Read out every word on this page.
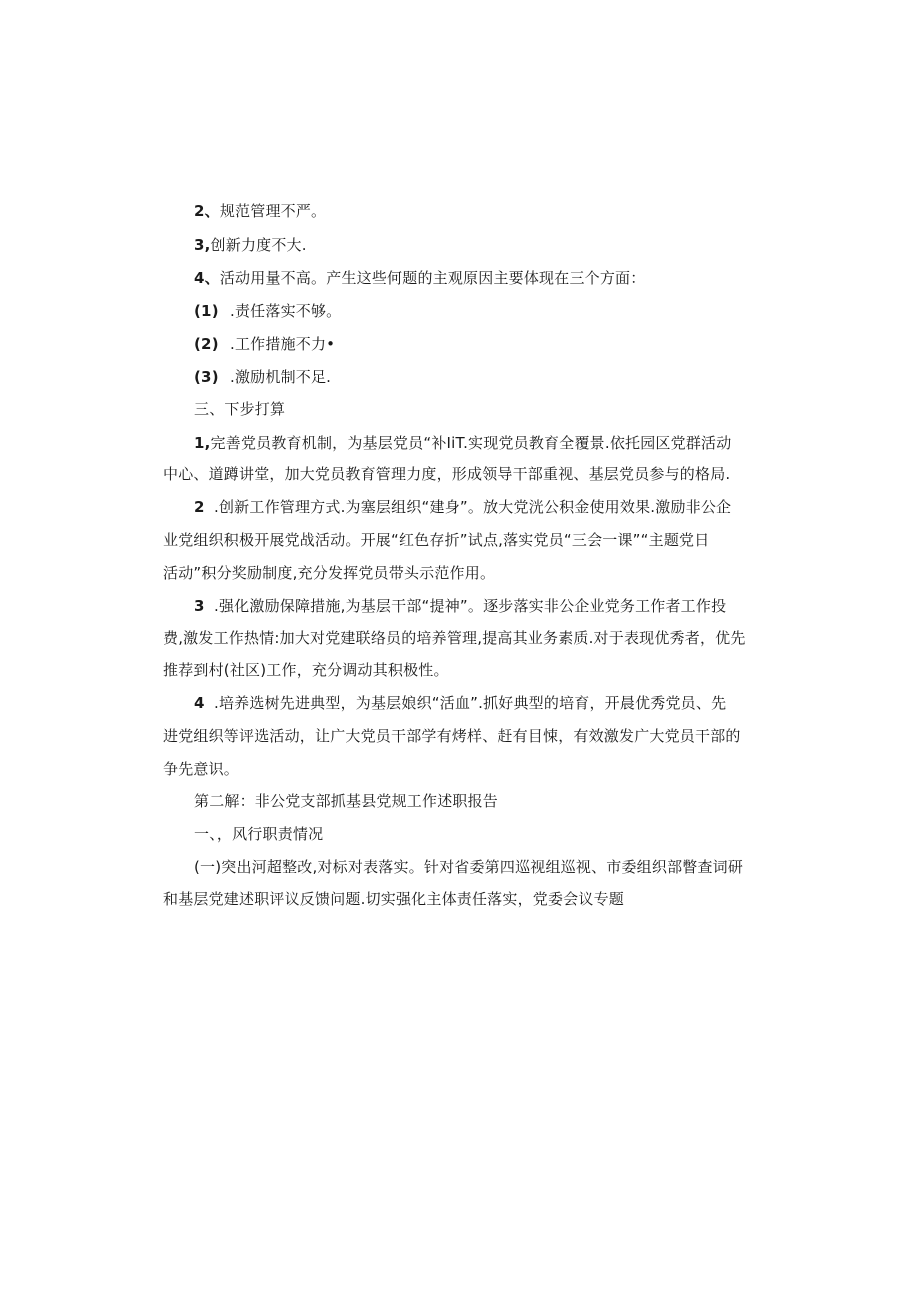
2、规范管理不严。
3,创新力度不大.
4、活动用量不高。产生这些何题的主观原因主要体现在三个方面：
(1) .责任落实不够。
(2) .工作措施不力•
(3) .激励机制不足.
三、下步打算
1,完善党员教育机制，为基层党员“补IiT.实现党员教育全覆景.依托园区党群活动
中心、道蹲讲堂，加大党员教育管理力度，形成领导干部重视、基层党员参与的格局.
2 .创新工作管理方式.为塞层组织“建身”。放大党洸公积金使用效果.激励非公企
业党组织积极开展党战活动。开展“红色存折”试点,落实党员“三会一课”“主题党日
活动”积分奖励制度,充分发挥党员带头示范作用。
3 .强化激励保障措施,为基层干部“提神”。逐步落实非公企业党务工作者工作投
费,激发工作热情:加大对党建联络员的培养管理,提高其业务素质.对于表现优秀者，优先
推荐到村(社区)工作，充分调动其积极性。
4 .培养选树先进典型，为基层娘织“活血”.抓好典型的培育，开晨优秀党员、先
进党组织等评选活动，让广大党员干部学有烤样、赶有目悚，有效激发广大党员干部的
争先意识。
第二解：非公党支部抓基县党规工作述职报告
一、，风行职责情况
(一)突出河超整改,对标对表落实。针对省委第四巡视组巡视、市委组织部瞥查词研
和基层党建述职评议反馈问题.切实强化主体责任落实，党委会议专题
